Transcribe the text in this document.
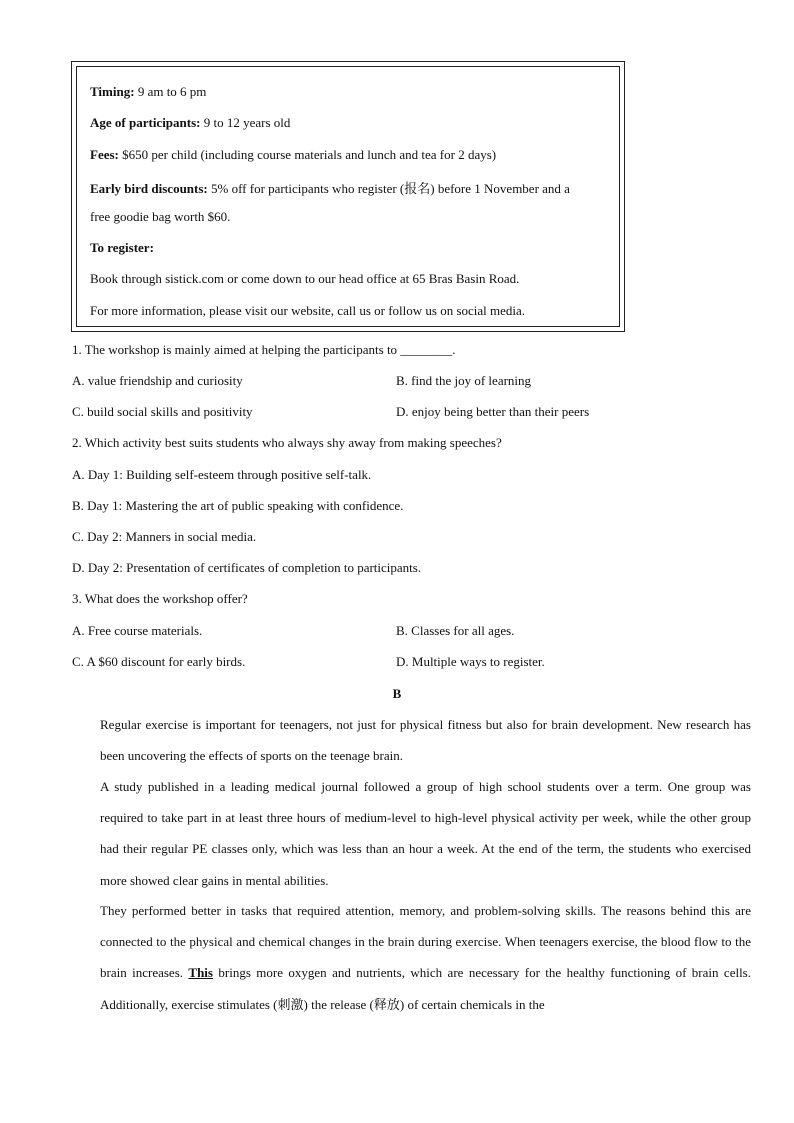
Timing: 9 am to 6 pm
Age of participants: 9 to 12 years old
Fees: $650 per child (including course materials and lunch and tea for 2 days)
Early bird discounts: 5% off for participants who register (报名) before 1 November and a
free goodie bag worth $60.
To register:
Book through sistick.com or come down to our head office at 65 Bras Basin Road.
For more information, please visit our website, call us or follow us on social media.
1. The workshop is mainly aimed at helping the participants to ________.
A. value friendship and curiosity	B. find the joy of learning
C. build social skills and positivity	D. enjoy being better than their peers
2. Which activity best suits students who always shy away from making speeches?
A. Day 1: Building self-esteem through positive self-talk.
B. Day 1: Mastering the art of public speaking with confidence.
C. Day 2: Manners in social media.
D. Day 2: Presentation of certificates of completion to participants.
3. What does the workshop offer?
A. Free course materials.	B. Classes for all ages.
C. A $60 discount for early birds.	D. Multiple ways to register.
B
Regular exercise is important for teenagers, not just for physical fitness but also for brain development. New research has been uncovering the effects of sports on the teenage brain.
A study published in a leading medical journal followed a group of high school students over a term. One group was required to take part in at least three hours of medium-level to high-level physical activity per week, while the other group had their regular PE classes only, which was less than an hour a week. At the end of the term, the students who exercised more showed clear gains in mental abilities.
They performed better in tasks that required attention, memory, and problem-solving skills. The reasons behind this are connected to the physical and chemical changes in the brain during exercise. When teenagers exercise, the blood flow to the brain increases. This brings more oxygen and nutrients, which are necessary for the healthy functioning of brain cells. Additionally, exercise stimulates (刺激) the release (释放) of certain chemicals in the
